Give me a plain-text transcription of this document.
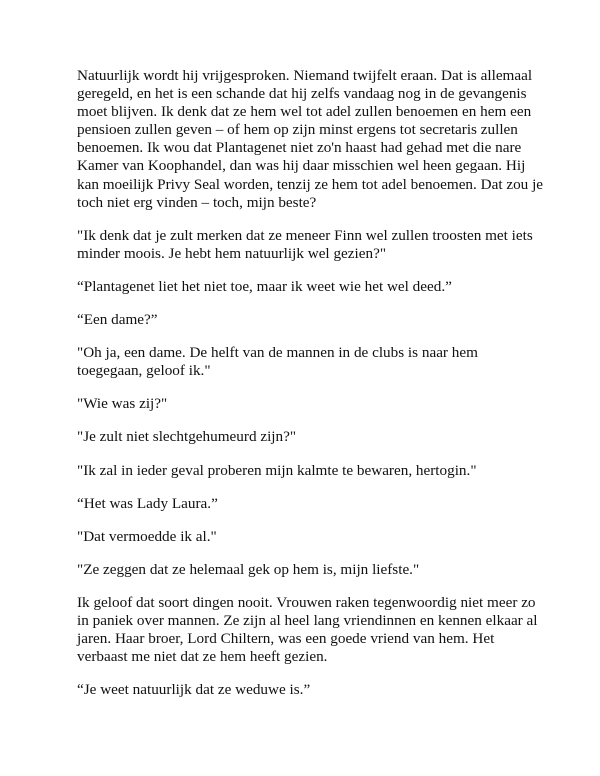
Natuurlijk wordt hij vrijgesproken. Niemand twijfelt eraan. Dat is allemaal geregeld, en het is een schande dat hij zelfs vandaag nog in de gevangenis moet blijven. Ik denk dat ze hem wel tot adel zullen benoemen en hem een pensioen zullen geven – of hem op zijn minst ergens tot secretaris zullen benoemen. Ik wou dat Plantagenet niet zo'n haast had gehad met die nare Kamer van Koophandel, dan was hij daar misschien wel heen gegaan. Hij kan moeilijk Privy Seal worden, tenzij ze hem tot adel benoemen. Dat zou je toch niet erg vinden – toch, mijn beste?

"Ik denk dat je zult merken dat ze meneer Finn wel zullen troosten met iets minder moois. Je hebt hem natuurlijk wel gezien?"

“Plantagenet liet het niet toe, maar ik weet wie het wel deed.”

“Een dame?”

"Oh ja, een dame. De helft van de mannen in de clubs is naar hem toegegaan, geloof ik."

"Wie was zij?"

"Je zult niet slechtgehumeurd zijn?"

"Ik zal in ieder geval proberen mijn kalmte te bewaren, hertogin."

“Het was Lady Laura.”

"Dat vermoedde ik al."

"Ze zeggen dat ze helemaal gek op hem is, mijn liefste."

Ik geloof dat soort dingen nooit. Vrouwen raken tegenwoordig niet meer zo in paniek over mannen. Ze zijn al heel lang vriendinnen en kennen elkaar al jaren. Haar broer, Lord Chiltern, was een goede vriend van hem. Het verbaast me niet dat ze hem heeft gezien.

“Je weet natuurlijk dat ze weduwe is.”
